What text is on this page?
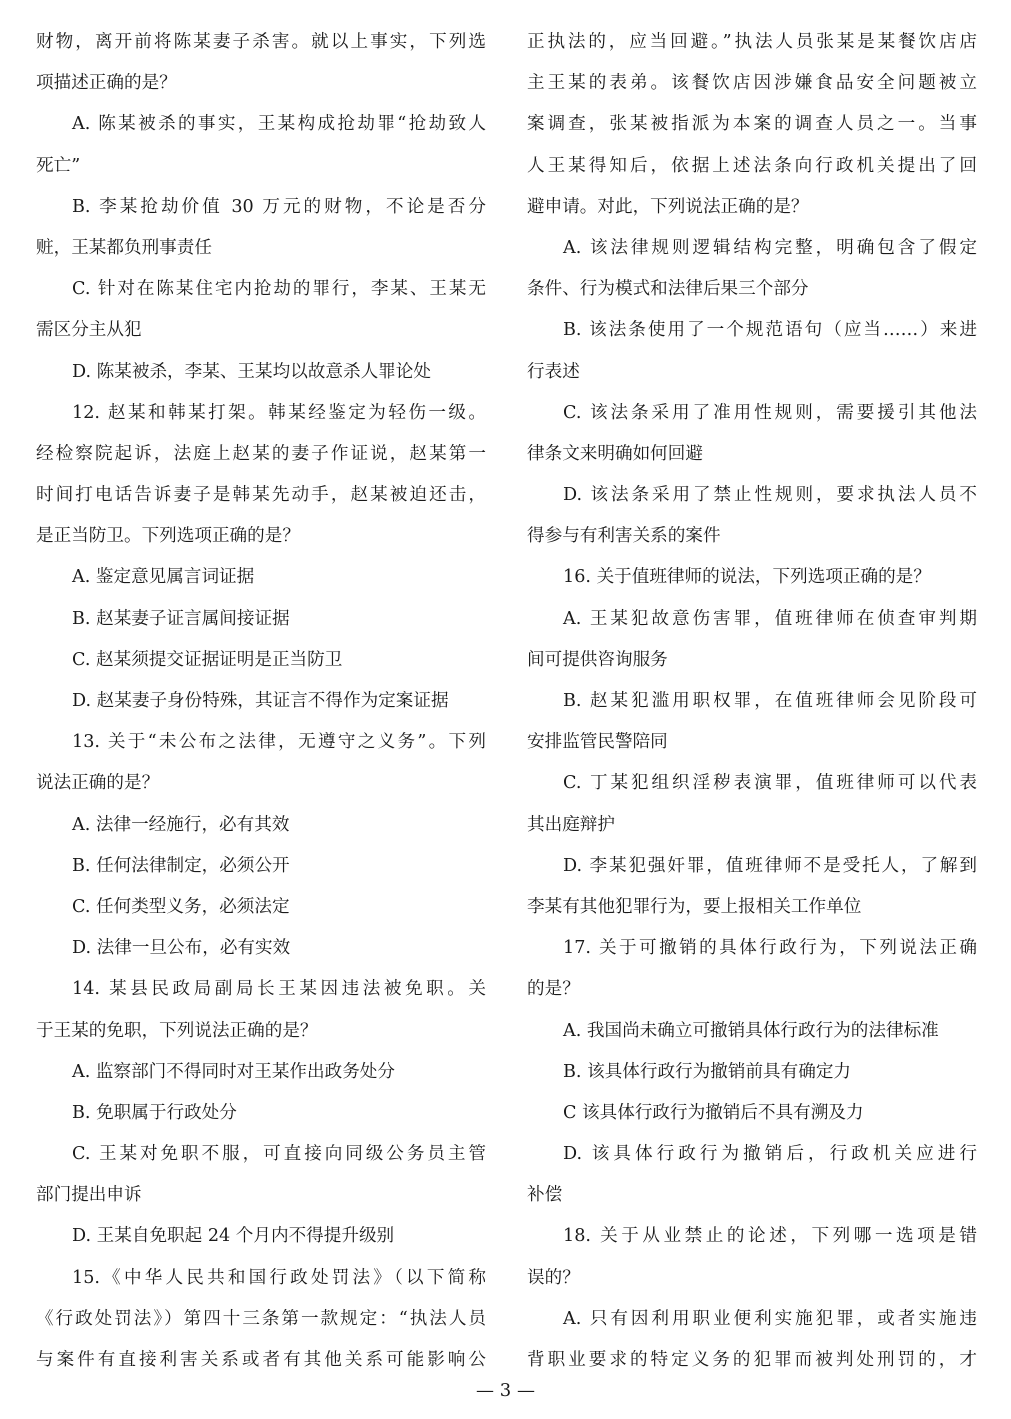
财物，离开前将陈某妻子杀害。就以上事实，下列选
项描述正确的是？
A. 陈某被杀的事实，王某构成抢劫罪“抢劫致人
死亡”
B. 李某抢劫价值 30 万元的财物，不论是否分
赃，王某都负刑事责任
C. 针对在陈某住宅内抢劫的罪行，李某、王某无
需区分主从犯
D. 陈某被杀，李某、王某均以故意杀人罪论处
12. 赵某和韩某打架。韩某经鉴定为轻伤一级。
经检察院起诉，法庭上赵某的妻子作证说，赵某第一
时间打电话告诉妻子是韩某先动手，赵某被迫还击，
是正当防卫。下列选项正确的是？
A. 鉴定意见属言词证据
B. 赵某妻子证言属间接证据
C. 赵某须提交证据证明是正当防卫
D. 赵某妻子身份特殊，其证言不得作为定案证据
13. 关于“未公布之法律，无遵守之义务”。下列
说法正确的是？
A. 法律一经施行，必有其效
B. 任何法律制定，必须公开
C. 任何类型义务，必须法定
D. 法律一旦公布，必有实效
14. 某县民政局副局长王某因违法被免职。关
于王某的免职，下列说法正确的是？
A. 监察部门不得同时对王某作出政务处分
B. 免职属于行政处分
C. 王某对免职不服，可直接向同级公务员主管
部门提出申诉
D. 王某自免职起 24 个月内不得提升级别
15.《中华人民共和国行政处罚法》（以下简称
《行政处罚法》）第四十三条第一款规定：“执法人员
与案件有直接利害关系或者有其他关系可能影响公
正执法的，应当回避。”执法人员张某是某餐饮店店
主王某的表弟。该餐饮店因涉嫌食品安全问题被立
案调查，张某被指派为本案的调查人员之一。当事
人王某得知后，依据上述法条向行政机关提出了回
避申请。对此，下列说法正确的是？
A. 该法律规则逻辑结构完整，明确包含了假定
条件、行为模式和法律后果三个部分
B. 该法条使用了一个规范语句（应当……）来进
行表述
C. 该法条采用了准用性规则，需要援引其他法
律条文来明确如何回避
D. 该法条采用了禁止性规则，要求执法人员不
得参与有利害关系的案件
16. 关于值班律师的说法，下列选项正确的是？
A. 王某犯故意伤害罪，值班律师在侦查审判期
间可提供咨询服务
B. 赵某犯滥用职权罪，在值班律师会见阶段可
安排监管民警陪同
C. 丁某犯组织淫秽表演罪，值班律师可以代表
其出庭辩护
D. 李某犯强奸罪，值班律师不是受托人，了解到
李某有其他犯罪行为，要上报相关工作单位
17. 关于可撤销的具体行政行为，下列说法正确
的是？
A. 我国尚未确立可撤销具体行政行为的法律标准
B. 该具体行政行为撤销前具有确定力
C 该具体行政行为撤销后不具有溯及力
D. 该具体行政行为撤销后，行政机关应进行
补偿
18. 关于从业禁止的论述，下列哪一选项是错
误的？
A. 只有因利用职业便利实施犯罪，或者实施违
背职业要求的特定义务的犯罪而被判处刑罚的，才
— 3 —
